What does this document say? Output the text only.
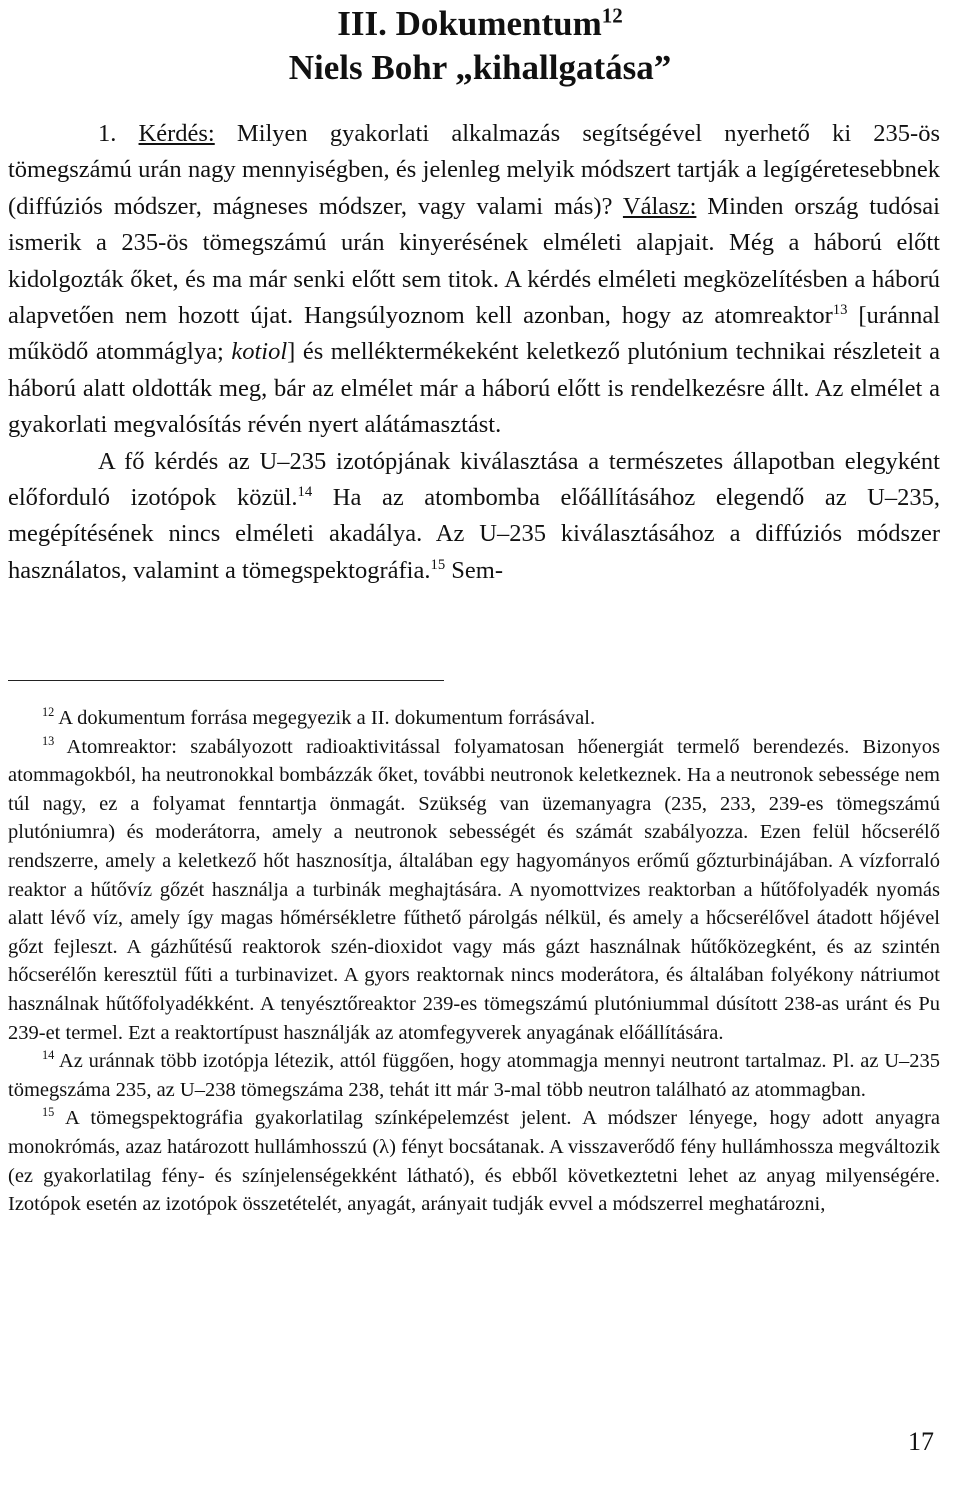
III. Dokumentum$^{12}$
Niels Bohr „kihallgatása”

1. Kérdés: Milyen gyakorlati alkalmazás segítségével nyerhető ki 235-ös tömegszámú urán nagy mennyiségben, és jelenleg melyik módszert tartják a legígéretesebbnek (diffúziós módszer, mágneses módszer, vagy valami más)? Válasz: Minden ország tudósai ismerik a 235-ös tömegszámú urán kinyerésének elméleti alapjait. Még a háború előtt kidolgozták őket, és ma már senki előtt sem titok. A kérdés elméleti megközelítésben a háború alapvetően nem hozott újat. Hangsúlyoznom kell azonban, hogy az atomreaktor$^{13}$ [uránnal működő atommáglya; kotiol] és melléktermékeként keletkező plutónium technikai részleteit a háború alatt oldották meg, bár az elmélet már a háború előtt is rendelkezésre állt. Az elmélet a gyakorlati megvalósítás révén nyert alátámasztást.

A fő kérdés az U–235 izotópjának kiválasztása a természetes állapotban elegyként előforduló izotópok közül.$^{14}$ Ha az atombomba előállításához elegendő az U–235, megépítésének nincs elméleti akadálya. Az U–235 kiválasztásához a diffúziós módszer használatos, valamint a tömegspektográfia.$^{15}$ Sem-

$^{12}$ A dokumentum forrása megegyezik a II. dokumentum forrásával.

$^{13}$ Atomreaktor: szabályozott radioaktivitással folyamatosan hőenergiát termelő berendezés. Bizonyos atommagokból, ha neutronokkal bombázzák őket, további neutronok keletkeznek. Ha a neutronok sebessége nem túl nagy, ez a folyamat fenntartja önmagát. Szükség van üzemanyagra (235, 233, 239-es tömegszámú plutóniumra) és moderátorra, amely a neutronok sebességét és számát szabályozza. Ezen felül hőcserélő rendszerre, amely a keletkező hőt hasznosítja, általában egy hagyományos erőmű gőzturbinájában. A vízforraló reaktor a hűtővíz gőzét használja a turbinák meghajtására. A nyomottvizes reaktorban a hűtőfolyadék nyomás alatt lévő víz, amely így magas hőmérsékletre fűthető párolgás nélkül, és amely a hőcserélővel átadott hőjével gőzt fejleszt. A gázhűtésű reaktorok szén-dioxidot vagy más gázt használnak hűtőközegként, és az szintén hőcserélőn keresztül fűti a turbinavizet. A gyors reaktornak nincs moderátora, és általában folyékony nátriumot használnak hűtőfolyadékként. A tenyésztőreaktor 239-es tömegszámú plutóniummal dúsított 238-as uránt és Pu 239-et termel. Ezt a reaktortípust használják az atomfegyverek anyagának előállítására.

$^{14}$ Az uránnak több izotópja létezik, attól függően, hogy atommagja mennyi neutront tartalmaz. Pl. az U–235 tömegszáma 235, az U–238 tömegszáma 238, tehát itt már 3-mal több neutron található az atommagban.

$^{15}$ A tömegspektográfia gyakorlatilag színképelemzést jelent. A módszer lényege, hogy adott anyagra monokrómás, azaz határozott hullámhosszú (λ) fényt bocsátanak. A visszaverődő fény hullámhossza megváltozik (ez gyakorlatilag fény- és színjelenségekként látható), és ebből következtetni lehet az anyag milyenségére. Izotópok esetén az izotópok összetételét, anyagát, arányait tudják evvel a módszerrel meghatározni,

17
